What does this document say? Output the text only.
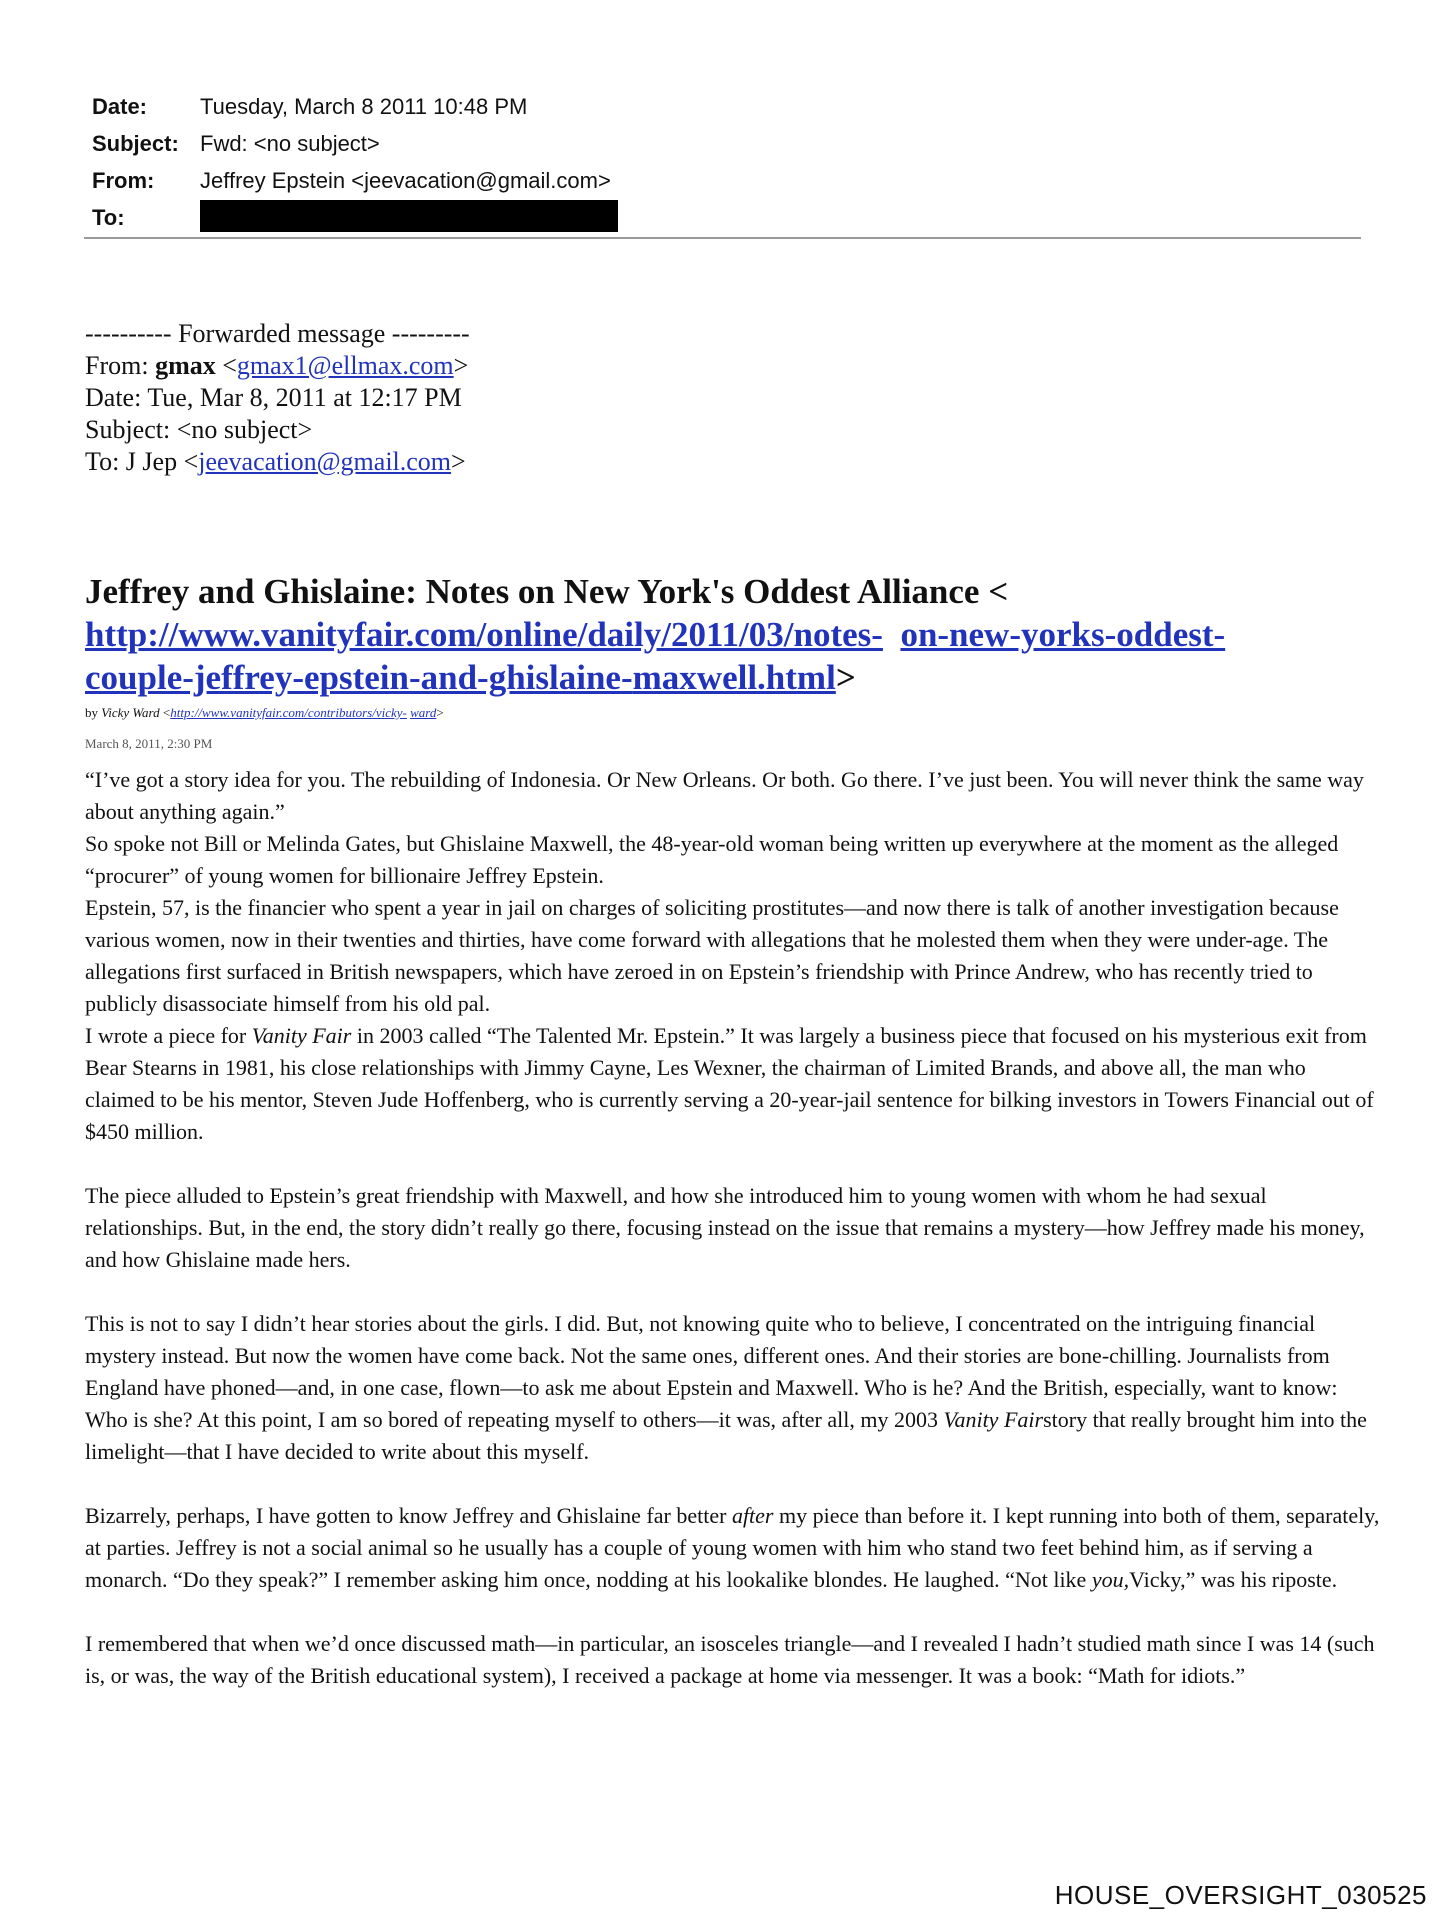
Date:	Tuesday, March 8 2011 10:48 PM
Subject: Fwd: <no subject>
From:	Jeffrey Epstein <jeevacation@gmail.com>
To:
---------- Forwarded message ---------
From: gmax <gmax1@ellmax.com>
Date: Tue, Mar 8, 2011 at 12:17 PM
Subject: <no subject>
To: J Jep <jeevacation@gmail.com>
Jeffrey and Ghislaine: Notes on New York's Oddest Alliance <
http://www.vanityfair.com/online/daily/2011/03/notes- on-new-yorks-oddest-
couple-jeffrey-epstein-and-ghislaine-maxwell.html>
by Vicky Ward <http://www.vanityfair.com/contributors/vicky- ward>
March 8, 2011, 2:30 PM

“I’ve got a story idea for you. The rebuilding of Indonesia. Or New Orleans. Or both. Go there. I’ve just been. You will never think the same way about anything again.”

So spoke not Bill or Melinda Gates, but Ghislaine Maxwell, the 48-year-old woman being written up everywhere at the moment as the alleged “procurer” of young women for billionaire Jeffrey Epstein.

Epstein, 57, is the financier who spent a year in jail on charges of soliciting prostitutes—and now there is talk of another investigation because various women, now in their twenties and thirties, have come forward with allegations that he molested them when they were under-age. The allegations first surfaced in British newspapers, which have zeroed in on Epstein’s friendship with Prince Andrew, who has recently tried to publicly disassociate himself from his old pal.

I wrote a piece for Vanity Fair in 2003 called “The Talented Mr. Epstein.” It was largely a business piece that focused on his mysterious exit from Bear Stearns in 1981, his close relationships with Jimmy Cayne, Les Wexner, the chairman of Limited Brands, and above all, the man who claimed to be his mentor, Steven Jude Hoffenberg, who is currently serving a 20-year-jail sentence for bilking investors in Towers Financial out of $450 million.

The piece alluded to Epstein’s great friendship with Maxwell, and how she introduced him to young women with whom he had sexual relationships. But, in the end, the story didn’t really go there, focusing instead on the issue that remains a mystery—how Jeffrey made his money, and how Ghislaine made hers.

This is not to say I didn’t hear stories about the girls. I did. But, not knowing quite who to believe, I concentrated on the intriguing financial mystery instead. But now the women have come back. Not the same ones, different ones. And their stories are bone-chilling. Journalists from England have phoned—and, in one case, flown—to ask me about Epstein and Maxwell. Who is he? And the British, especially, want to know: Who is she? At this point, I am so bored of repeating myself to others—it was, after all, my 2003 Vanity Fairstory that really brought him into the limelight—that I have decided to write about this myself.

Bizarrely, perhaps, I have gotten to know Jeffrey and Ghislaine far better after my piece than before it. I kept running into both of them, separately, at parties. Jeffrey is not a social animal so he usually has a couple of young women with him who stand two feet behind him, as if serving a monarch. “Do they speak?” I remember asking him once, nodding at his lookalike blondes. He laughed. “Not like you,Vicky,” was his riposte.

I remembered that when we’d once discussed math—in particular, an isosceles triangle—and I revealed I hadn’t studied math since I was 14 (such is, or was, the way of the British educational system), I received a package at home via messenger. It was a book: “Math for idiots.”

HOUSE_OVERSIGHT_030525
